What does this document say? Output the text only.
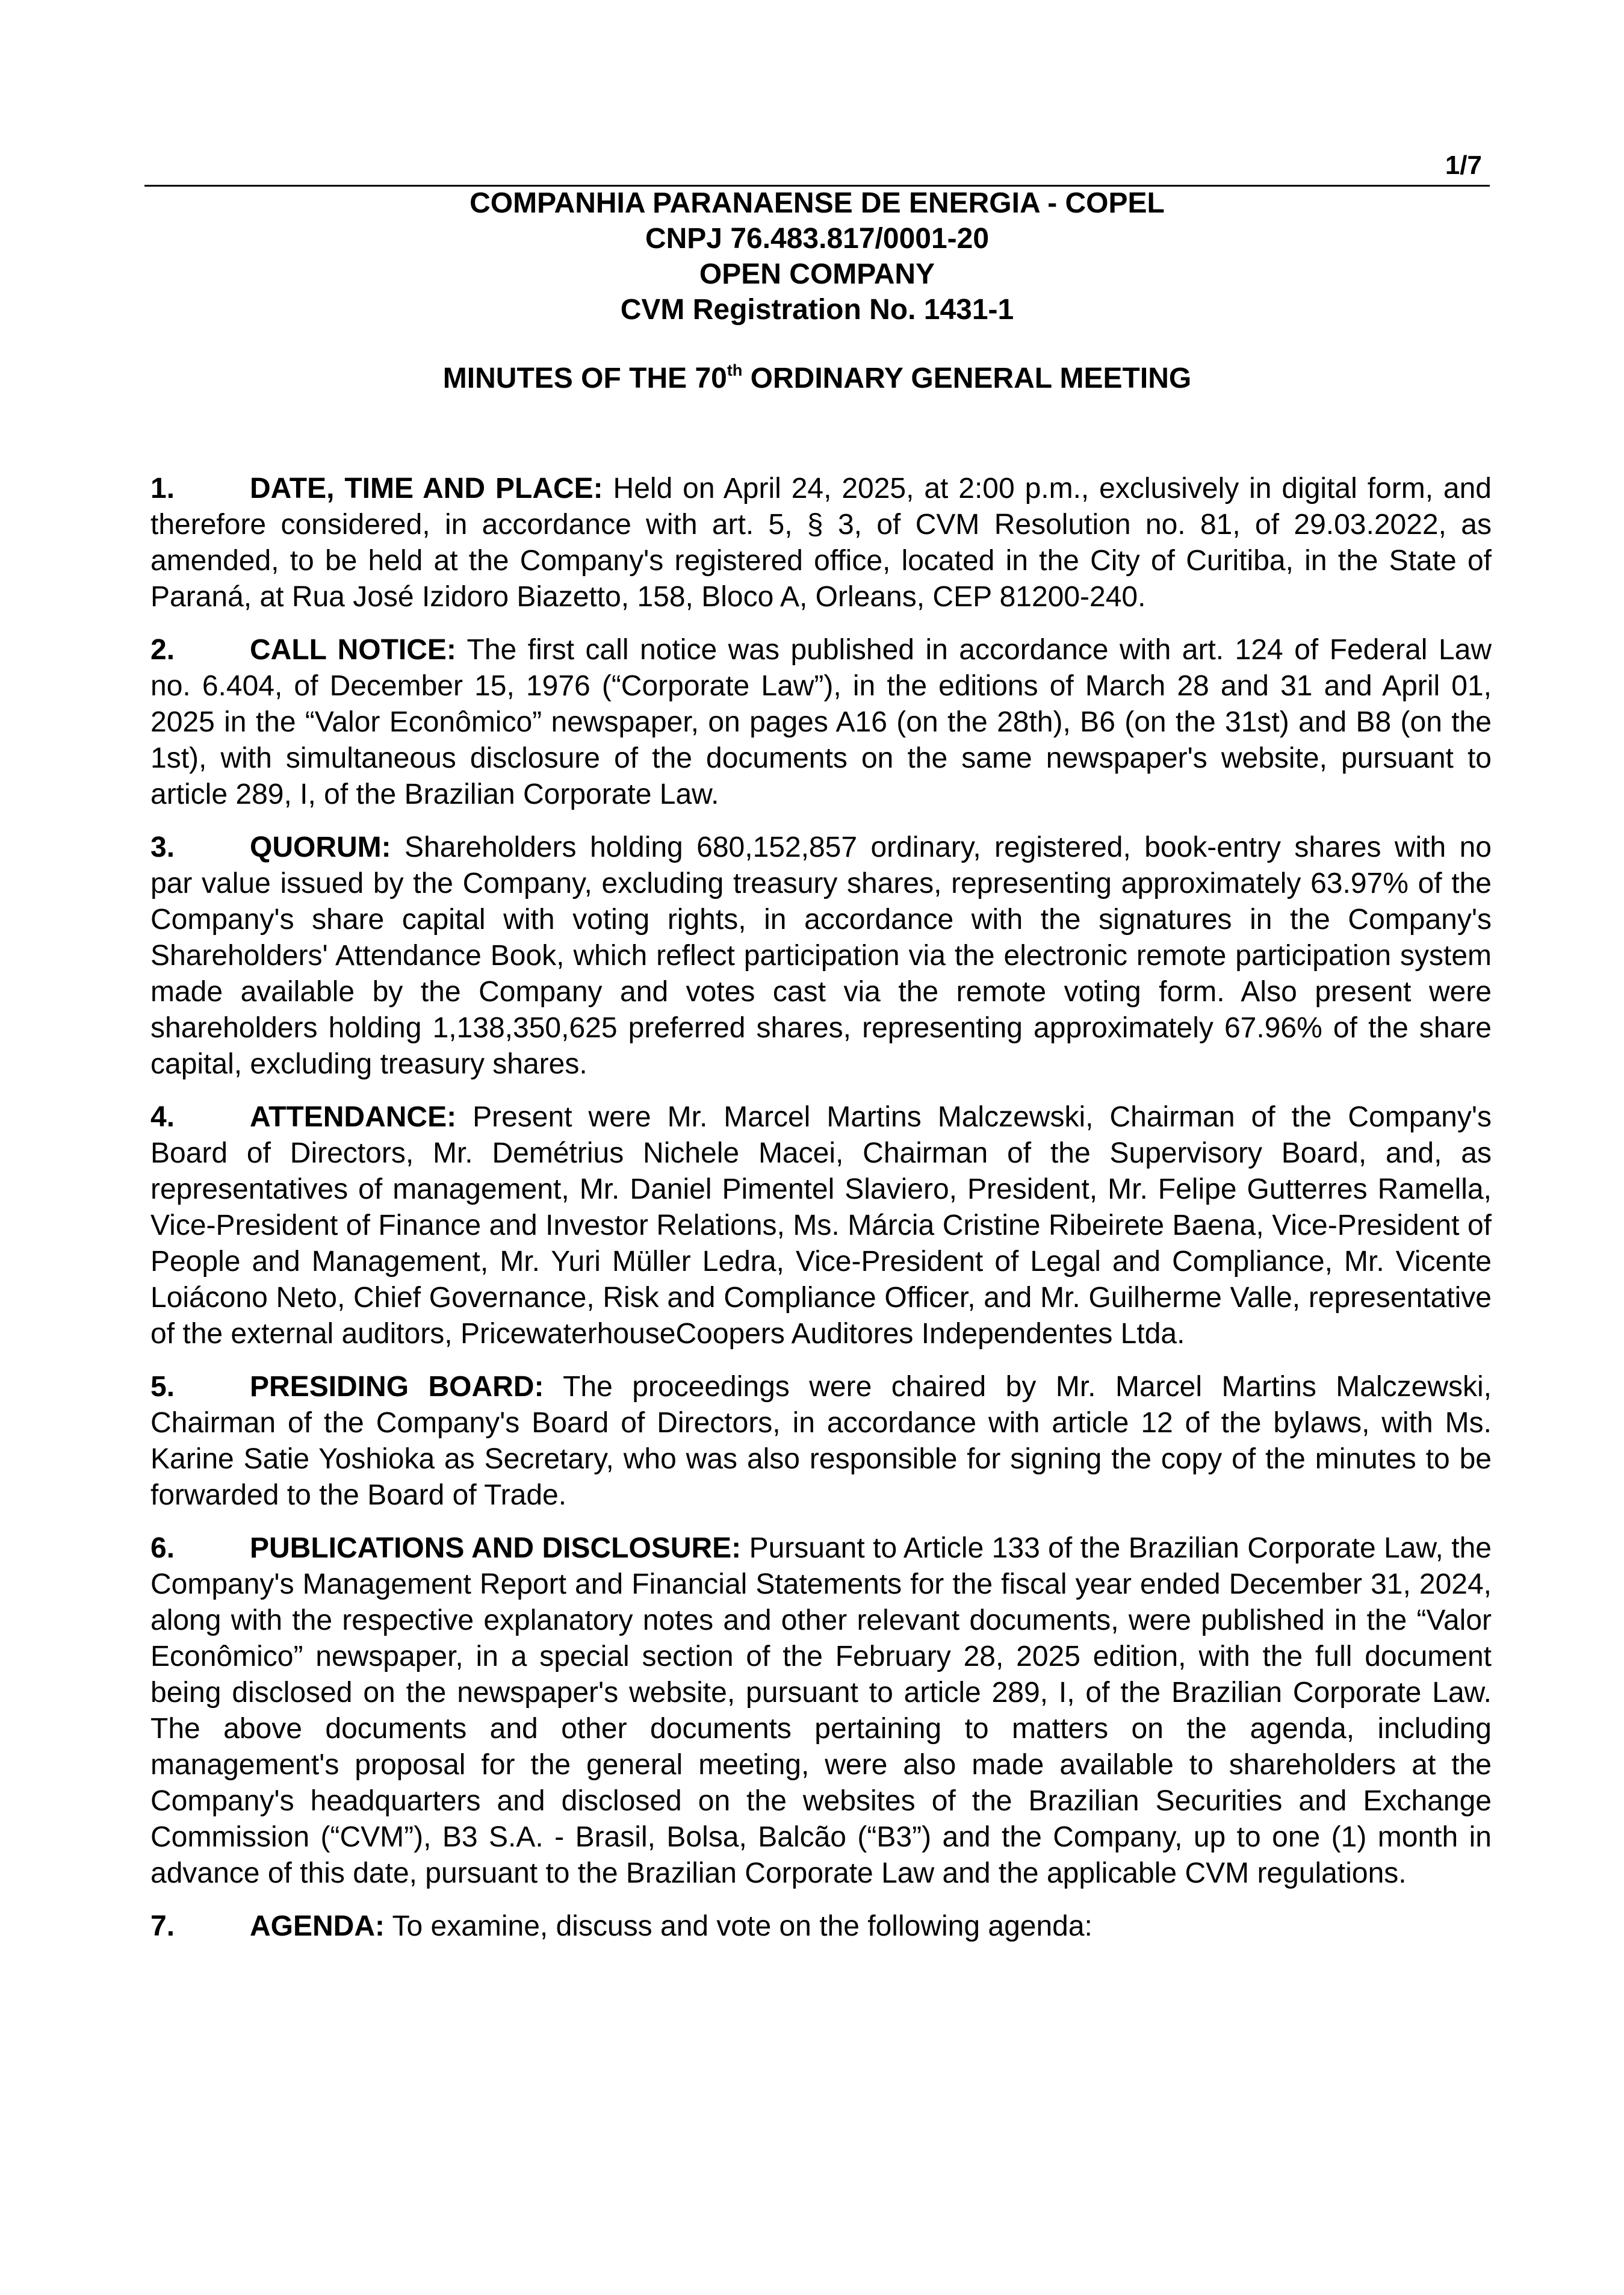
1/7
COMPANHIA PARANAENSE DE ENERGIA - COPEL
CNPJ 76.483.817/0001-20
OPEN COMPANY
CVM Registration No. 1431-1
MINUTES OF THE 70th ORDINARY GENERAL MEETING

1.	DATE, TIME AND PLACE: Held on April 24, 2025, at 2:00 p.m., exclusively in digital form, and therefore considered, in accordance with art. 5, § 3, of CVM Resolution no. 81, of 29.03.2022, as amended, to be held at the Company's registered office, located in the City of Curitiba, in the State of Paraná, at Rua José Izidoro Biazetto, 158, Bloco A, Orleans, CEP 81200-240.

2.	CALL NOTICE: The first call notice was published in accordance with art. 124 of Federal Law no. 6.404, of December 15, 1976 (“Corporate Law”), in the editions of March 28 and 31 and April 01, 2025 in the “Valor Econômico” newspaper, on pages A16 (on the 28th), B6 (on the 31st) and B8 (on the 1st), with simultaneous disclosure of the documents on the same newspaper's website, pursuant to article 289, I, of the Brazilian Corporate Law.

3.	QUORUM: Shareholders holding 680,152,857 ordinary, registered, book-entry shares with no par value issued by the Company, excluding treasury shares, representing approximately 63.97% of the Company's share capital with voting rights, in accordance with the signatures in the Company's Shareholders' Attendance Book, which reflect participation via the electronic remote participation system made available by the Company and votes cast via the remote voting form. Also present were shareholders holding 1,138,350,625 preferred shares, representing approximately 67.96% of the share capital, excluding treasury shares.

4.	ATTENDANCE: Present were Mr. Marcel Martins Malczewski, Chairman of the Company's Board of Directors, Mr. Demétrius Nichele Macei, Chairman of the Supervisory Board, and, as representatives of management, Mr. Daniel Pimentel Slaviero, President, Mr. Felipe Gutterres Ramella, Vice-President of Finance and Investor Relations, Ms. Márcia Cristine Ribeirete Baena, Vice-President of People and Management, Mr. Yuri Müller Ledra, Vice-President of Legal and Compliance, Mr. Vicente Loiácono Neto, Chief Governance, Risk and Compliance Officer, and Mr. Guilherme Valle, representative of the external auditors, PricewaterhouseCoopers Auditores Independentes Ltda.

5.	PRESIDING BOARD: The proceedings were chaired by Mr. Marcel Martins Malczewski, Chairman of the Company's Board of Directors, in accordance with article 12 of the bylaws, with Ms. Karine Satie Yoshioka as Secretary, who was also responsible for signing the copy of the minutes to be forwarded to the Board of Trade.

6.	PUBLICATIONS AND DISCLOSURE: Pursuant to Article 133 of the Brazilian Corporate Law, the Company's Management Report and Financial Statements for the fiscal year ended December 31, 2024, along with the respective explanatory notes and other relevant documents, were published in the “Valor Econômico” newspaper, in a special section of the February 28, 2025 edition, with the full document being disclosed on the newspaper's website, pursuant to article 289, I, of the Brazilian Corporate Law. The above documents and other documents pertaining to matters on the agenda, including management's proposal for the general meeting, were also made available to shareholders at the Company's headquarters and disclosed on the websites of the Brazilian Securities and Exchange Commission (“CVM”), B3 S.A. - Brasil, Bolsa, Balcão (“B3”) and the Company, up to one (1) month in advance of this date, pursuant to the Brazilian Corporate Law and the applicable CVM regulations.

7.	AGENDA: To examine, discuss and vote on the following agenda:
